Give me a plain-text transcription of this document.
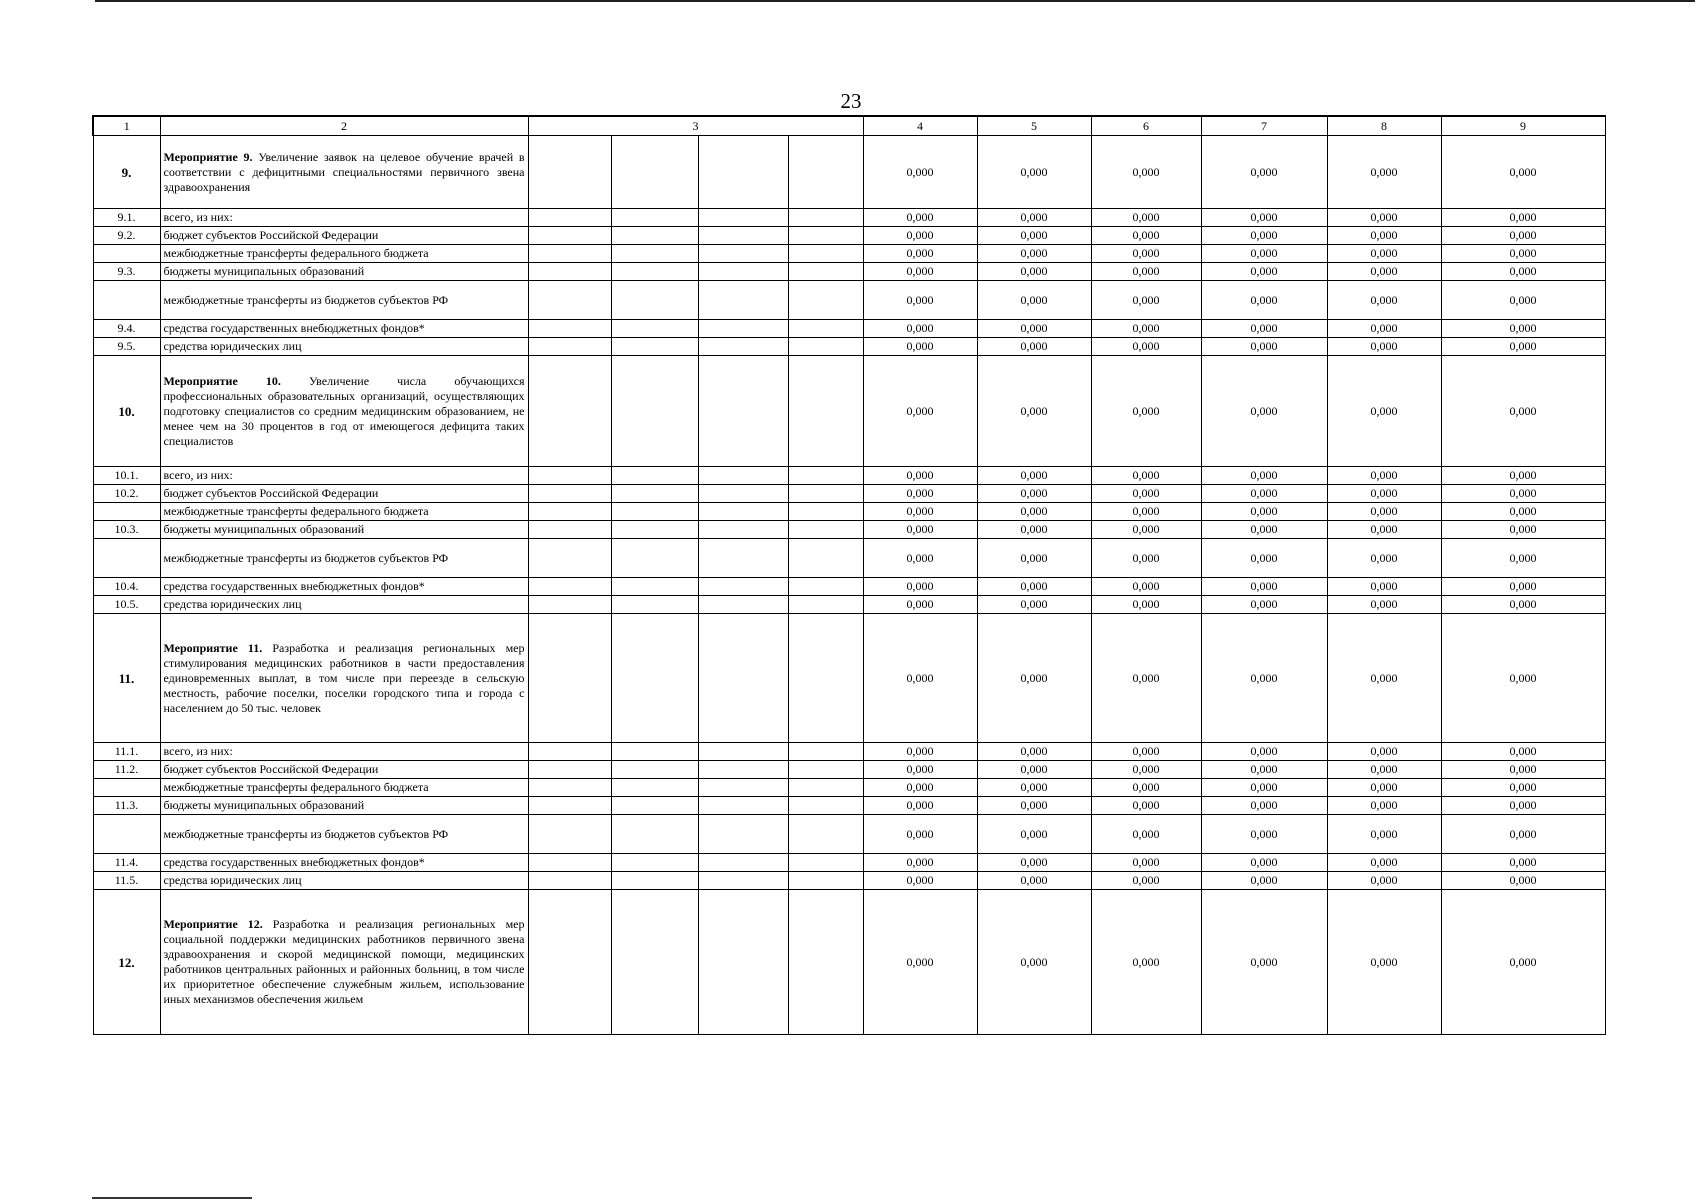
23
1	2	3				4	5	6	7	8	9
9.	Мероприятие 9. Увеличение заявок на целевое обучение врачей в соответствии с дефицитными специальностями первичного звена здравоохранения					0,000	0,000	0,000	0,000	0,000	0,000
9.1.	всего, из них:					0,000	0,000	0,000	0,000	0,000	0,000
9.2.	бюджет субъектов Российской Федерации					0,000	0,000	0,000	0,000	0,000	0,000
	межбюджетные трансферты федерального бюджета					0,000	0,000	0,000	0,000	0,000	0,000
9.3.	бюджеты муниципальных образований					0,000	0,000	0,000	0,000	0,000	0,000
	межбюджетные трансферты из бюджетов субъектов РФ					0,000	0,000	0,000	0,000	0,000	0,000
9.4.	средства государственных внебюджетных фондов*					0,000	0,000	0,000	0,000	0,000	0,000
9.5.	средства юридических лиц					0,000	0,000	0,000	0,000	0,000	0,000
10.	Мероприятие 10. Увеличение числа обучающихся профессиональных образовательных организаций, осуществляющих подготовку специалистов со средним медицинским образованием, не менее чем на 30 процентов в год от имеющегося дефицита таких специалистов					0,000	0,000	0,000	0,000	0,000	0,000
10.1.	всего, из них:					0,000	0,000	0,000	0,000	0,000	0,000
10.2.	бюджет субъектов Российской Федерации					0,000	0,000	0,000	0,000	0,000	0,000
	межбюджетные трансферты федерального бюджета					0,000	0,000	0,000	0,000	0,000	0,000
10.3.	бюджеты муниципальных образований					0,000	0,000	0,000	0,000	0,000	0,000
	межбюджетные трансферты из бюджетов субъектов РФ					0,000	0,000	0,000	0,000	0,000	0,000
10.4.	средства государственных внебюджетных фондов*					0,000	0,000	0,000	0,000	0,000	0,000
10.5.	средства юридических лиц					0,000	0,000	0,000	0,000	0,000	0,000
11.	Мероприятие 11. Разработка и реализация региональных мер стимулирования медицинских работников в части предоставления единовременных выплат, в том числе при переезде в сельскую местность, рабочие поселки, поселки городского типа и города с населением до 50 тыс. человек					0,000	0,000	0,000	0,000	0,000	0,000
11.1.	всего, из них:					0,000	0,000	0,000	0,000	0,000	0,000
11.2.	бюджет субъектов Российской Федерации					0,000	0,000	0,000	0,000	0,000	0,000
	межбюджетные трансферты федерального бюджета					0,000	0,000	0,000	0,000	0,000	0,000
11.3.	бюджеты муниципальных образований					0,000	0,000	0,000	0,000	0,000	0,000
	межбюджетные трансферты из бюджетов субъектов РФ					0,000	0,000	0,000	0,000	0,000	0,000
11.4.	средства государственных внебюджетных фондов*					0,000	0,000	0,000	0,000	0,000	0,000
11.5.	средства юридических лиц					0,000	0,000	0,000	0,000	0,000	0,000
12.	Мероприятие 12. Разработка и реализация региональных мер социальной поддержки медицинских работников первичного звена здравоохранения и скорой медицинской помощи, медицинских работников центральных районных и районных больниц, в том числе их приоритетное обеспечение служебным жильем, использование иных механизмов обеспечения жильем					0,000	0,000	0,000	0,000	0,000	0,000
